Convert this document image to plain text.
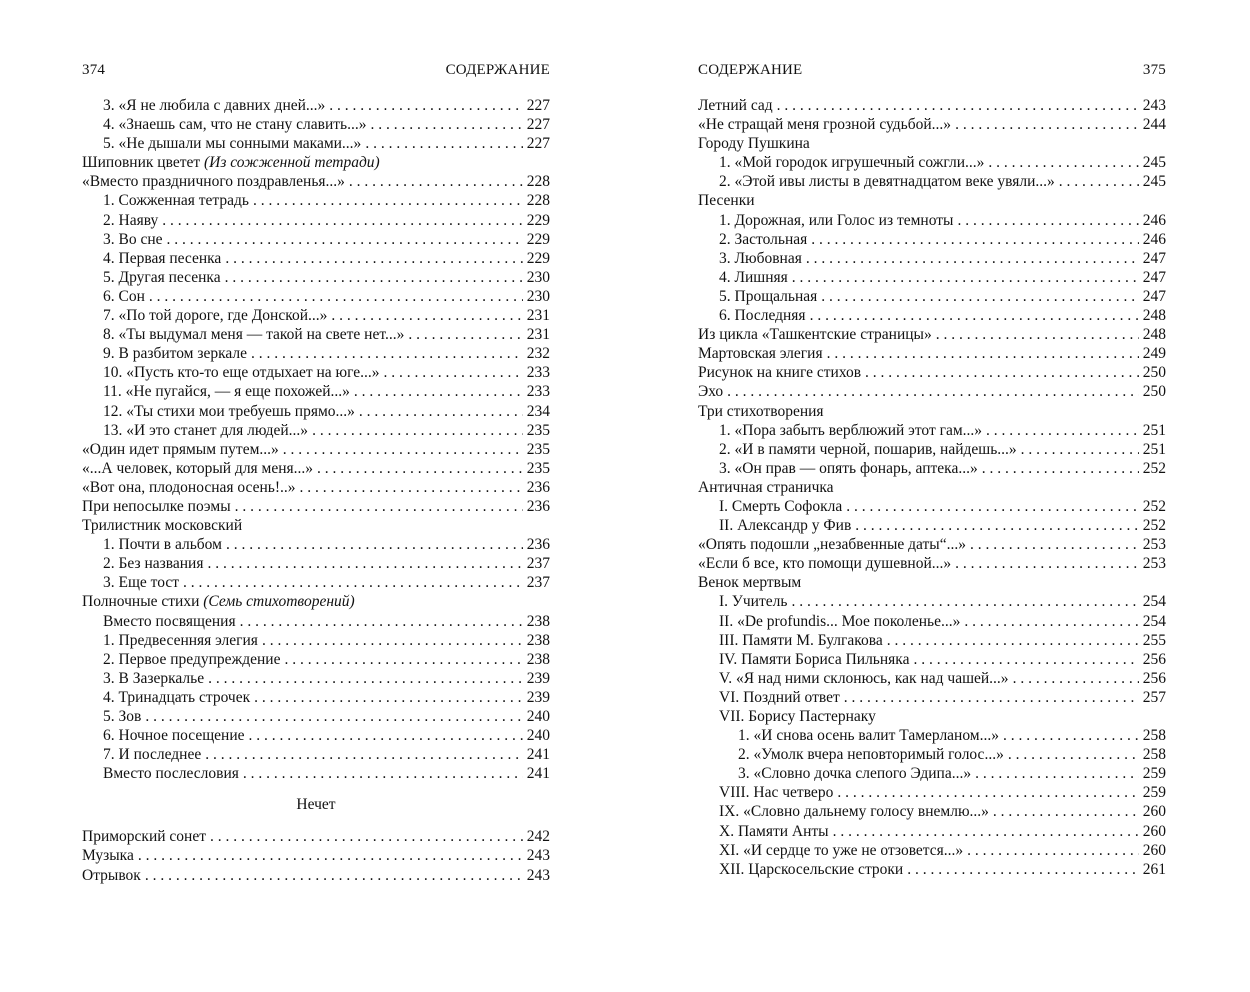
374	СОДЕРЖАНИЕ
3. «Я не любила с давних дней...» . . .	227
4. «Знаешь сам, что не стану славить...» . . .	227
5. «Не дышали мы сонными маками...» . . .	227
Шиповник цветет (Из сожженной тетради)
«Вместо праздничного поздравленья...» . . .	228
1. Сожженная тетрадь . . .	228
2. Наяву . . .	229
3. Во сне . . .	229
4. Первая песенка . . .	229
5. Другая песенка . . .	230
6. Сон . . .	230
7. «По той дороге, где Донской...» . . .	231
8. «Ты выдумал меня — такой на свете нет...» . . .	231
9. В разбитом зеркале . . .	232
10. «Пусть кто-то еще отдыхает на юге...» . . .	233
11. «Не пугайся, — я еще похожей...» . . .	233
12. «Ты стихи мои требуешь прямо...» . . .	234
13. «И это станет для людей...» . . .	235
«Один идет прямым путем...» . . .	235
«...А человек, который для меня...» . . .	235
«Вот она, плодоносная осень!..» . . .	236
При непосылке поэмы . . .	236
Трилистник московский
1. Почти в альбом . . .	236
2. Без названия . . .	237
3. Еще тост . . .	237
Полночные стихи (Семь стихотворений)
Вместо посвящения . . .	238
1. Предвесенняя элегия . . .	238
2. Первое предупреждение . . .	238
3. В Зазеркалье . . .	239
4. Тринадцать строчек . . .	239
5. Зов . . .	240
6. Ночное посещение . . .	240
7. И последнее . . .	241
Вместо послесловия . . .	241
Нечет
Приморский сонет . . .	242
Музыка . . .	243
Отрывок . . .	243
СОДЕРЖАНИЕ	375
Летний сад . . .	243
«Не стращай меня грозной судьбой...» . . .	244
Городу Пушкина
1. «Мой городок игрушечный сожгли...» . . .	245
2. «Этой ивы листы в девятнадцатом веке увяли...» . . .	245
Песенки
1. Дорожная, или Голос из темноты . . .	246
2. Застольная . . .	246
3. Любовная . . .	247
4. Лишняя . . .	247
5. Прощальная . . .	247
6. Последняя . . .	248
Из цикла «Ташкентские страницы» . . .	248
Мартовская элегия . . .	249
Рисунок на книге стихов . . .	250
Эхо . . .	250
Три стихотворения
1. «Пора забыть верблюжий этот гам...» . . .	251
2. «И в памяти черной, пошарив, найдешь...» . . .	251
3. «Он прав — опять фонарь, аптека...» . . .	252
Античная страничка
I. Смерть Софокла . . .	252
II. Александр у Фив . . .	252
«Опять подошли „незабвенные даты“...» . . .	253
«Если б все, кто помощи душевной...» . . .	253
Венок мертвым
I. Учитель . . .	254
II. «De profundis... Мое поколенье...» . . .	254
III. Памяти М. Булгакова . . .	255
IV. Памяти Бориса Пильняка . . .	256
V. «Я над ними склонюсь, как над чашей...» . . .	256
VI. Поздний ответ . . .	257
VII. Борису Пастернаку
1. «И снова осень валит Тамерланом...» . . .	258
2. «Умолк вчера неповторимый голос...» . . .	258
3. «Словно дочка слепого Эдипа...» . . .	259
VIII. Нас четверо . . .	259
IX. «Словно дальнему голосу внемлю...» . . .	260
X. Памяти Анты . . .	260
XI. «И сердце то уже не отзовется...» . . .	260
XII. Царскосельские строки . . .	261
